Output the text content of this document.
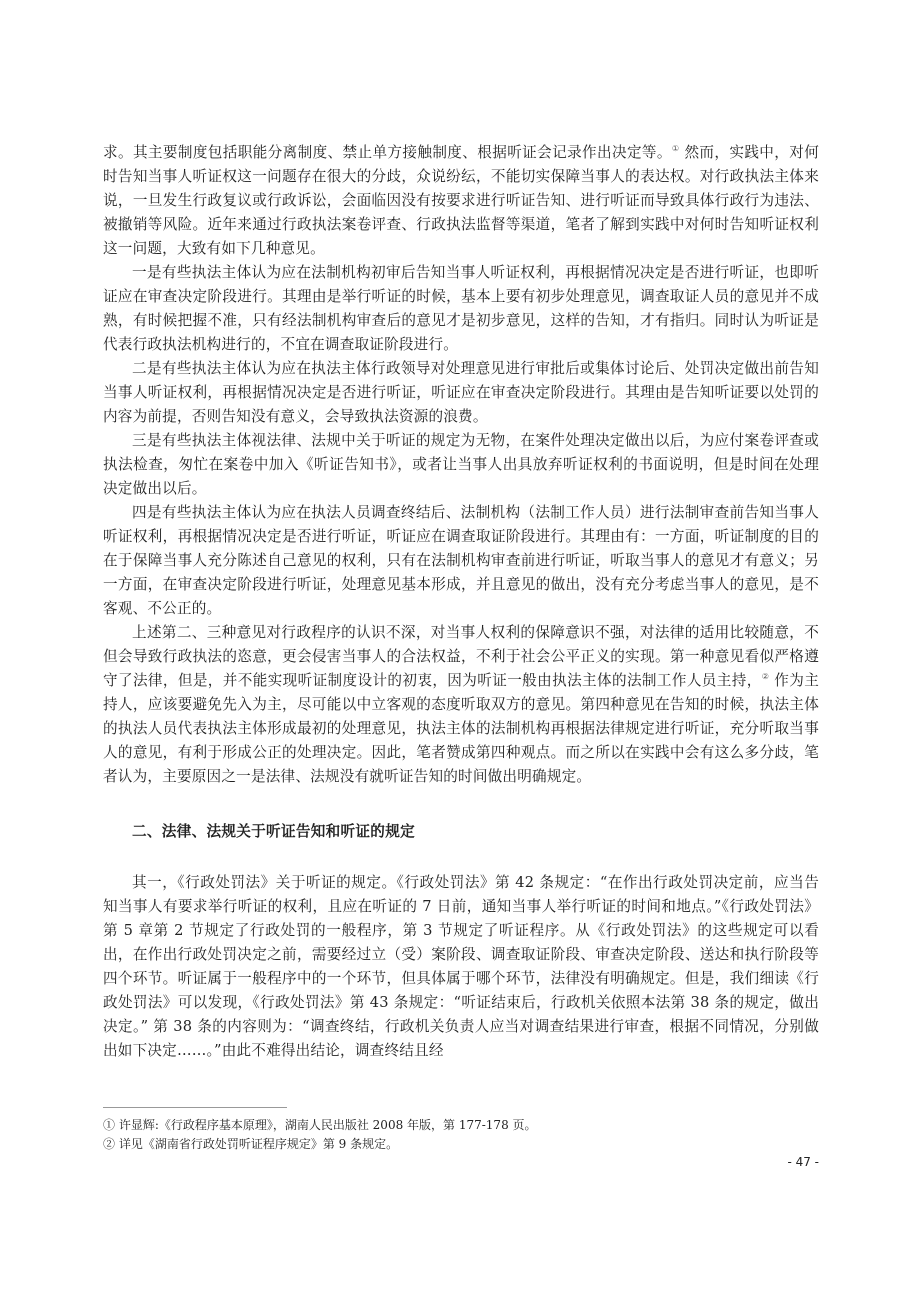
求。其主要制度包括职能分离制度、禁止单方接触制度、根据听证会记录作出决定等。① 然而，实践中，对何时告知当事人听证权这一问题存在很大的分歧，众说纷纭，不能切实保障当事人的表达权。对行政执法主体来说，一旦发生行政复议或行政诉讼，会面临因没有按要求进行听证告知、进行听证而导致具体行政行为违法、被撤销等风险。近年来通过行政执法案卷评查、行政执法监督等渠道，笔者了解到实践中对何时告知听证权利这一问题，大致有如下几种意见。

一是有些执法主体认为应在法制机构初审后告知当事人听证权利，再根据情况决定是否进行听证，也即听证应在审查决定阶段进行。其理由是举行听证的时候，基本上要有初步处理意见，调查取证人员的意见并不成熟，有时候把握不准，只有经法制机构审查后的意见才是初步意见，这样的告知，才有指归。同时认为听证是代表行政执法机构进行的，不宜在调查取证阶段进行。

二是有些执法主体认为应在执法主体行政领导对处理意见进行审批后或集体讨论后、处罚决定做出前告知当事人听证权利，再根据情况决定是否进行听证，听证应在审查决定阶段进行。其理由是告知听证要以处罚的内容为前提，否则告知没有意义，会导致执法资源的浪费。

三是有些执法主体视法律、法规中关于听证的规定为无物，在案件处理决定做出以后，为应付案卷评查或执法检查，匆忙在案卷中加入《听证告知书》，或者让当事人出具放弃听证权利的书面说明，但是时间在处理决定做出以后。

四是有些执法主体认为应在执法人员调查终结后、法制机构（法制工作人员）进行法制审查前告知当事人听证权利，再根据情况决定是否进行听证，听证应在调查取证阶段进行。其理由有：一方面，听证制度的目的在于保障当事人充分陈述自己意见的权利，只有在法制机构审查前进行听证，听取当事人的意见才有意义；另一方面，在审查决定阶段进行听证，处理意见基本形成，并且意见的做出，没有充分考虑当事人的意见，是不客观、不公正的。

上述第二、三种意见对行政程序的认识不深，对当事人权利的保障意识不强，对法律的适用比较随意，不但会导致行政执法的恣意，更会侵害当事人的合法权益，不利于社会公平正义的实现。第一种意见看似严格遵守了法律，但是，并不能实现听证制度设计的初衷，因为听证一般由执法主体的法制工作人员主持，② 作为主持人，应该要避免先入为主，尽可能以中立客观的态度听取双方的意见。第四种意见在告知的时候，执法主体的执法人员代表执法主体形成最初的处理意见，执法主体的法制机构再根据法律规定进行听证，充分听取当事人的意见，有利于形成公正的处理决定。因此，笔者赞成第四种观点。而之所以在实践中会有这么多分歧，笔者认为，主要原因之一是法律、法规没有就听证告知的时间做出明确规定。

二、法律、法规关于听证告知和听证的规定

其一，《行政处罚法》关于听证的规定。《行政处罚法》第 42 条规定：“在作出行政处罚决定前，应当告知当事人有要求举行听证的权利，且应在听证的 7 日前，通知当事人举行听证的时间和地点。”《行政处罚法》第 5 章第 2 节规定了行政处罚的一般程序，第 3 节规定了听证程序。从《行政处罚法》的这些规定可以看出，在作出行政处罚决定之前，需要经过立（受）案阶段、调查取证阶段、审查决定阶段、送达和执行阶段等四个环节。听证属于一般程序中的一个环节，但具体属于哪个环节，法律没有明确规定。但是，我们细读《行政处罚法》可以发现，《行政处罚法》第 43 条规定：“听证结束后，行政机关依照本法第 38 条的规定，做出决定。” 第 38 条的内容则为：“调查终结，行政机关负责人应当对调查结果进行审查，根据不同情况，分别做出如下决定……。”由此不难得出结论，调查终结且经

① 许显辉:《行政程序基本原理》，湖南人民出版社 2008 年版，第 177-178 页。

② 详见《湖南省行政处罚听证程序规定》第 9 条规定。

- 47 -
